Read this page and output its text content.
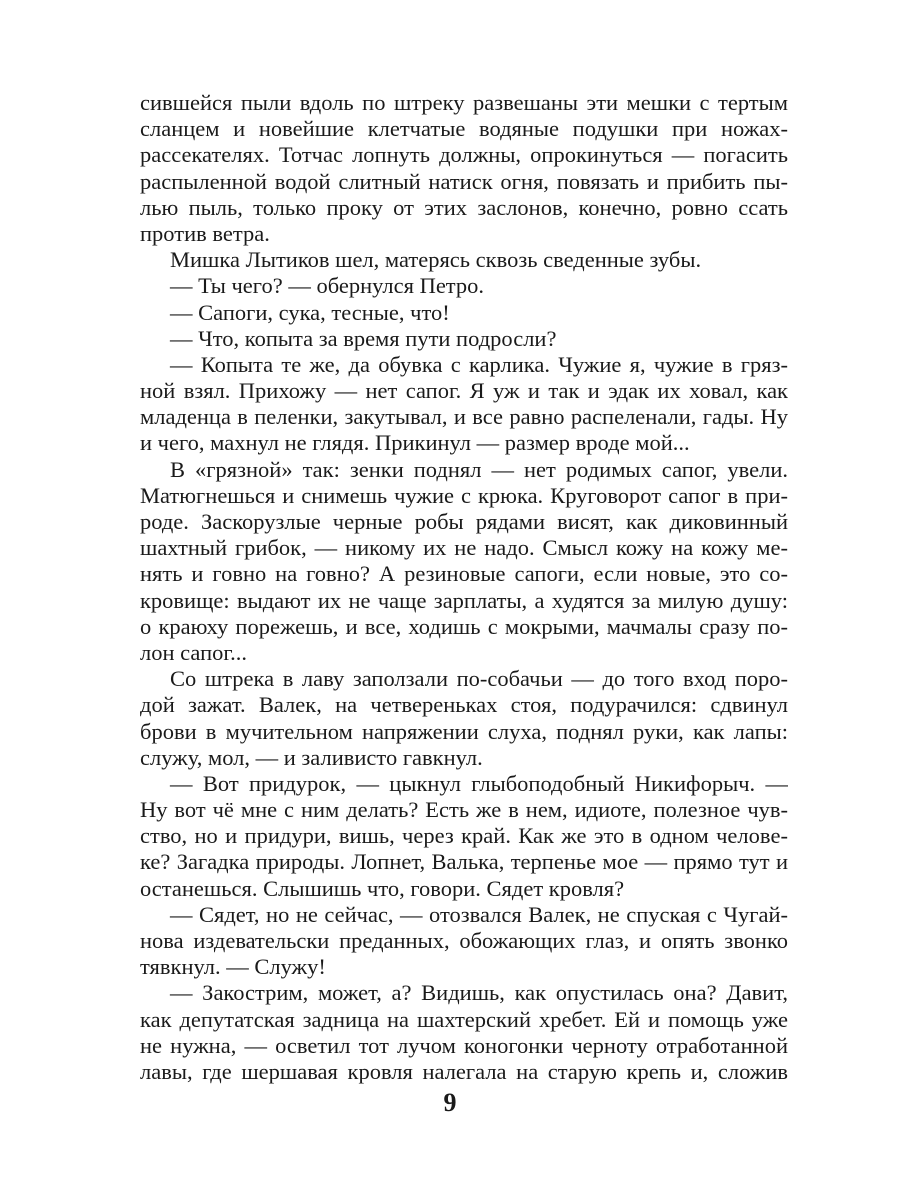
сившейся пыли вдоль по штреку развешаны эти мешки с тертым
сланцем и новейшие клетчатые водяные подушки при ножах-
рассекателях. Тотчас лопнуть должны, опрокинуться — погасить
распыленной водой слитный натиск огня, повязать и прибить пы-
лью пыль, только проку от этих заслонов, конечно, ровно ссать
против ветра.
Мишка Лытиков шел, матерясь сквозь сведенные зубы.
— Ты чего? — обернулся Петро.
— Сапоги, сука, тесные, что!
— Что, копыта за время пути подросли?
— Копыта те же, да обувка с карлика. Чужие я, чужие в гряз-
ной взял. Прихожу — нет сапог. Я уж и так и эдак их ховал, как
младенца в пеленки, закутывал, и все равно распеленали, гады. Ну
и чего, махнул не глядя. Прикинул — размер вроде мой...
В «грязной» так: зенки поднял — нет родимых сапог, увели.
Матюгнешься и снимешь чужие с крюка. Круговорот сапог в при-
роде. Заскорузлые черные робы рядами висят, как диковинный
шахтный грибок, — никому их не надо. Смысл кожу на кожу ме-
нять и говно на говно? А резиновые сапоги, если новые, это со-
кровище: выдают их не чаще зарплаты, а худятся за милую душу:
о краюху порежешь, и все, ходишь с мокрыми, мачмалы сразу по-
лон сапог...
Со штрека в лаву заползали по-собачьи — до того вход поро-
дой зажат. Валек, на четвереньках стоя, подурачился: сдвинул
брови в мучительном напряжении слуха, поднял руки, как лапы:
служу, мол, — и заливисто гавкнул.
— Вот придурок, — цыкнул глыбоподобный Никифорыч. —
Ну вот чё мне с ним делать? Есть же в нем, идиоте, полезное чув-
ство, но и придури, вишь, через край. Как же это в одном человe-
ке? Загадка природы. Лопнет, Валька, терпенье мое — прямо тут и
останешься. Слышишь что, говори. Сядет кровля?
— Сядет, но не сейчас, — отозвался Валек, не спуская с Чугай-
нова издевательски преданных, обожающих глаз, и опять звонко
тявкнул. — Служу!
— Закострим, может, а? Видишь, как опустилась она? Давит,
как депутатская задница на шахтерский хребет. Ей и помощь уже
не нужна, — осветил тот лучом коногонки черноту отработанной
лавы, где шершавая кровля налегала на старую крепь и, сложив
9
